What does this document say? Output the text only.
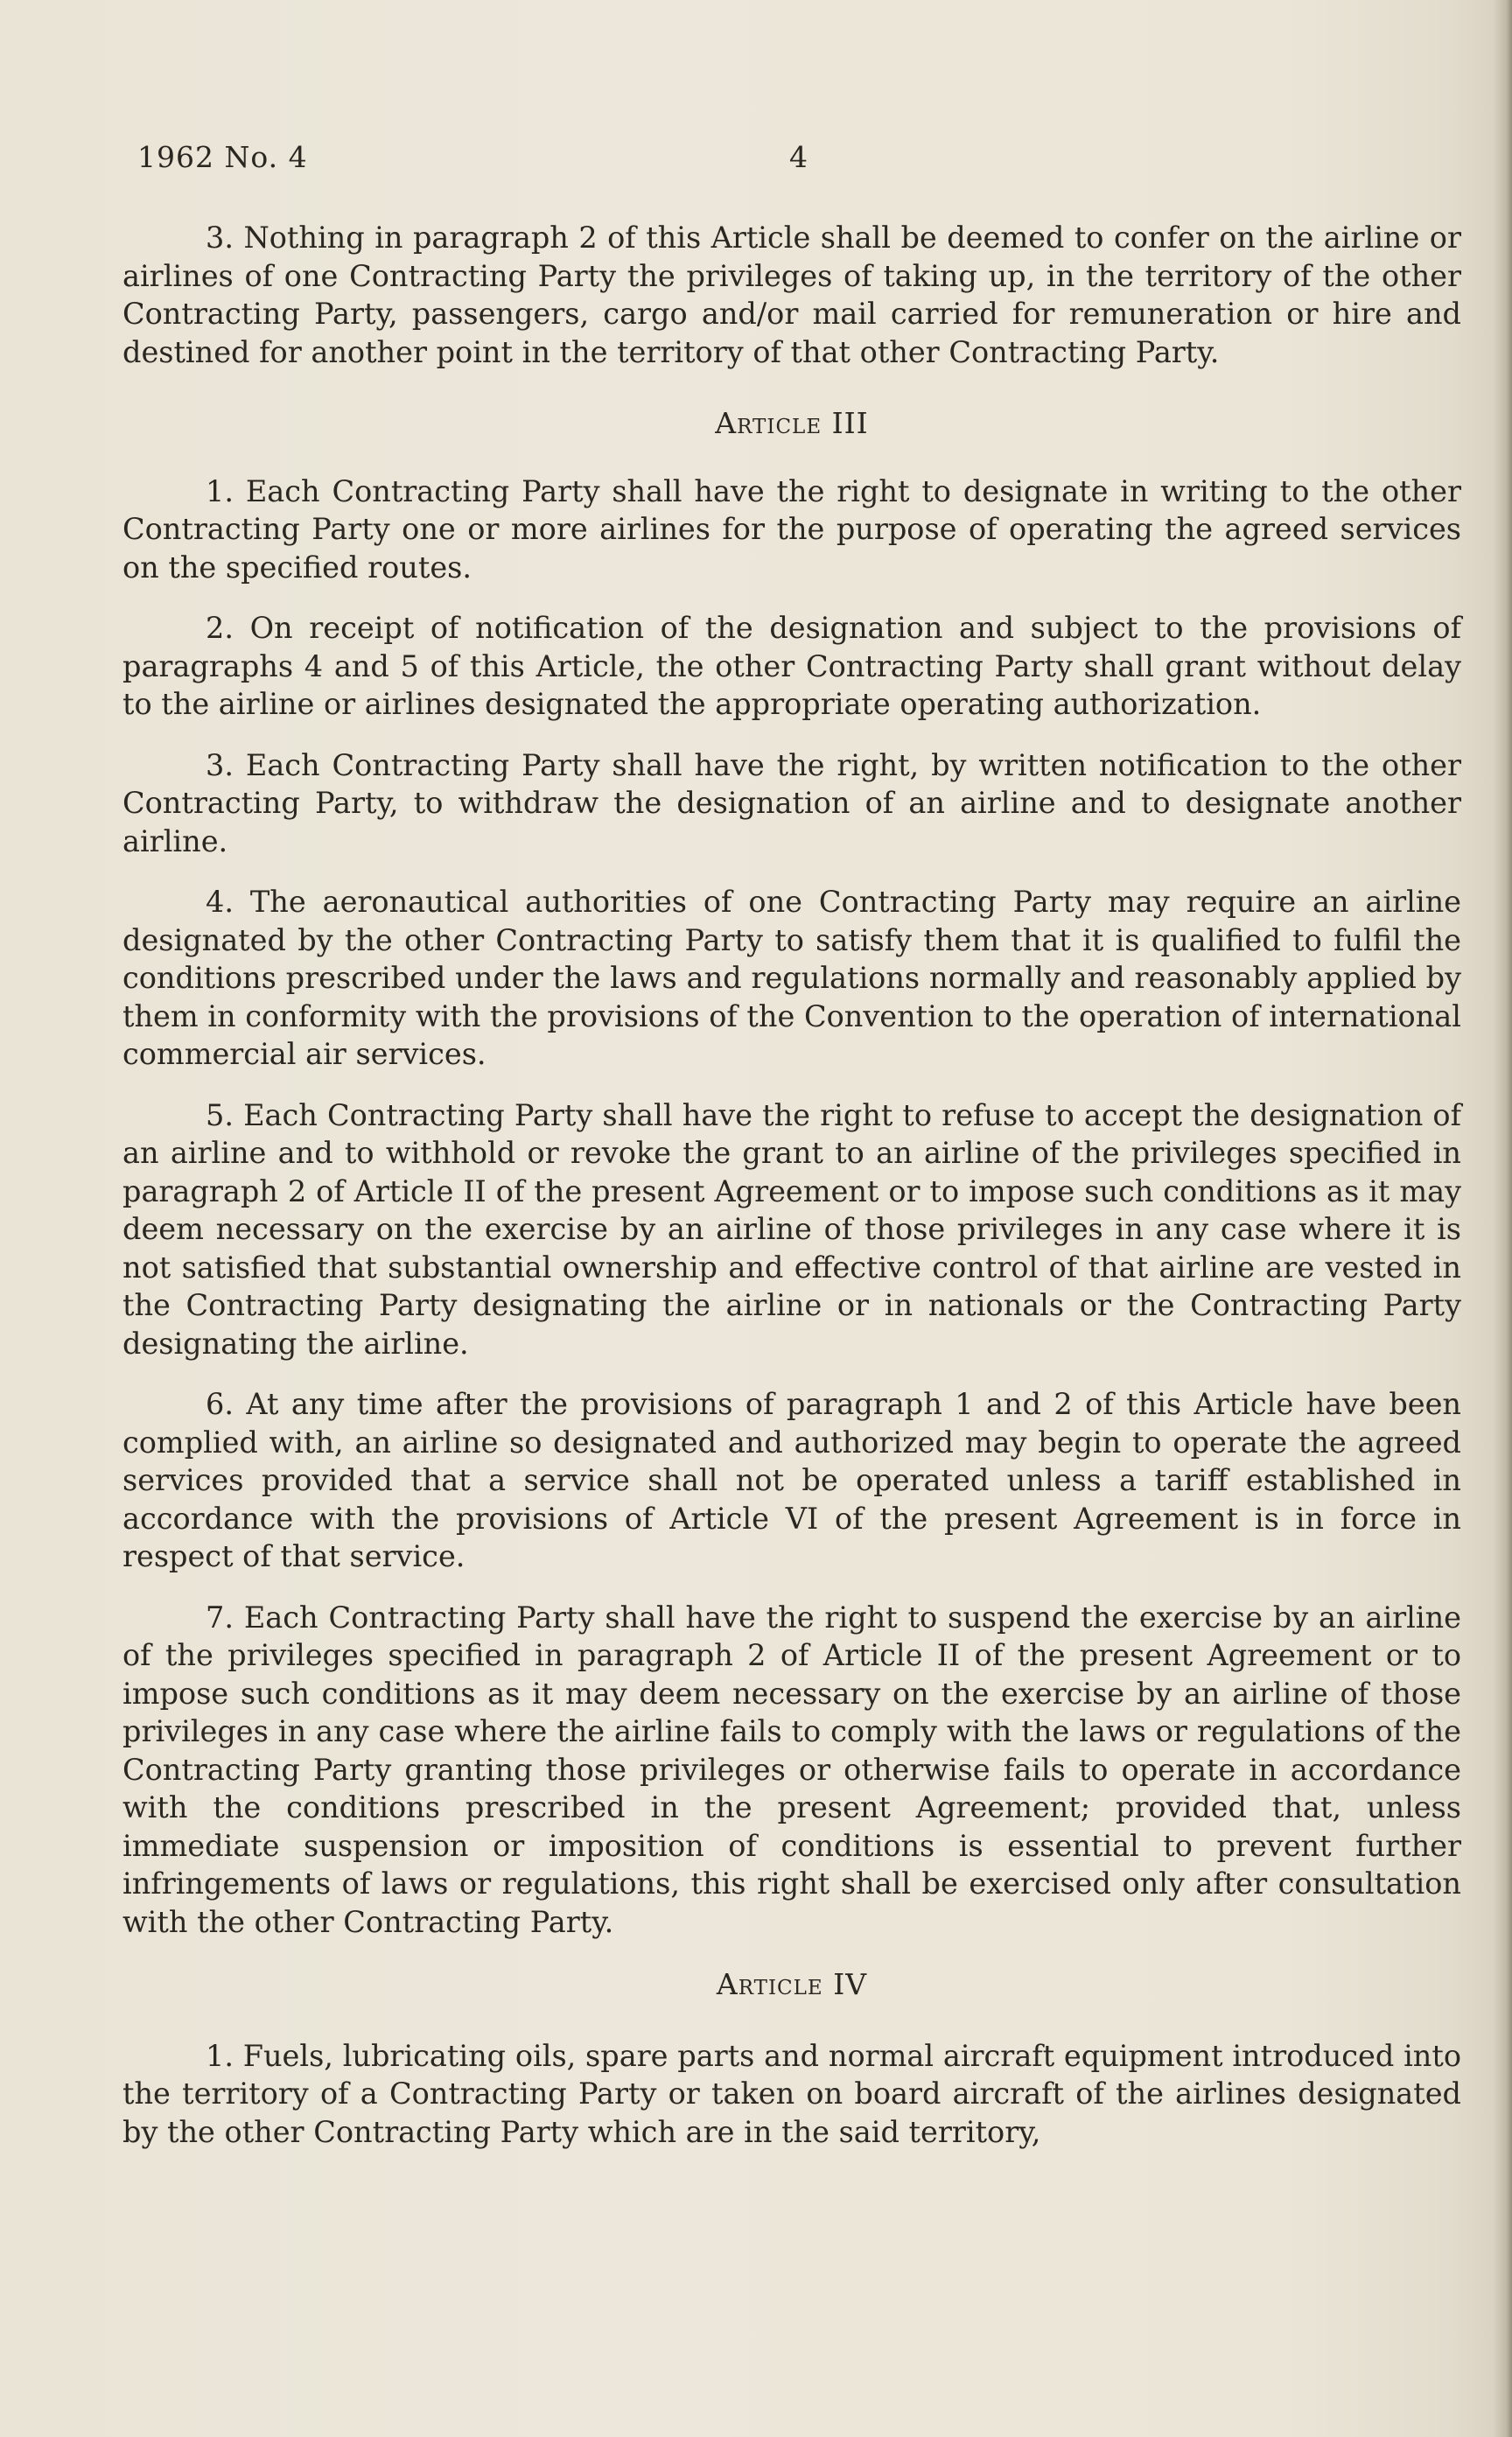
1962 No. 4	4

3. Nothing in paragraph 2 of this Article shall be deemed to confer on the airline or airlines of one Contracting Party the privileges of taking up, in the territory of the other Contracting Party, passengers, cargo and/or mail carried for remuneration or hire and destined for another point in the territory of that other Contracting Party.

Article III

1. Each Contracting Party shall have the right to designate in writing to the other Contracting Party one or more airlines for the purpose of operating the agreed services on the specified routes.

2. On receipt of notification of the designation and subject to the provisions of paragraphs 4 and 5 of this Article, the other Contracting Party shall grant without delay to the airline or airlines designated the appropriate operating authorization.

3. Each Contracting Party shall have the right, by written notification to the other Contracting Party, to withdraw the designation of an airline and to designate another airline.

4. The aeronautical authorities of one Contracting Party may require an airline designated by the other Contracting Party to satisfy them that it is qualified to fulfil the conditions prescribed under the laws and regulations normally and reasonably applied by them in conformity with the provisions of the Convention to the operation of international commercial air services.

5. Each Contracting Party shall have the right to refuse to accept the designation of an airline and to withhold or revoke the grant to an airline of the privileges specified in paragraph 2 of Article II of the present Agreement or to impose such conditions as it may deem necessary on the exercise by an airline of those privileges in any case where it is not satisfied that substantial ownership and effective control of that airline are vested in the Contracting Party designating the airline or in nationals or the Contracting Party designating the airline.

6. At any time after the provisions of paragraph 1 and 2 of this Article have been complied with, an airline so designated and authorized may begin to operate the agreed services provided that a service shall not be operated unless a tariff established in accordance with the provisions of Article VI of the present Agreement is in force in respect of that service.

7. Each Contracting Party shall have the right to suspend the exercise by an airline of the privileges specified in paragraph 2 of Article II of the present Agreement or to impose such conditions as it may deem necessary on the exercise by an airline of those privileges in any case where the airline fails to comply with the laws or regulations of the Contracting Party granting those privileges or otherwise fails to operate in accordance with the conditions prescribed in the present Agreement; provided that, unless immediate suspension or imposition of conditions is essential to prevent further infringements of laws or regulations, this right shall be exercised only after consultation with the other Contracting Party.

Article IV

1. Fuels, lubricating oils, spare parts and normal aircraft equipment introduced into the territory of a Contracting Party or taken on board aircraft of the airlines designated by the other Contracting Party which are in the said territory,
